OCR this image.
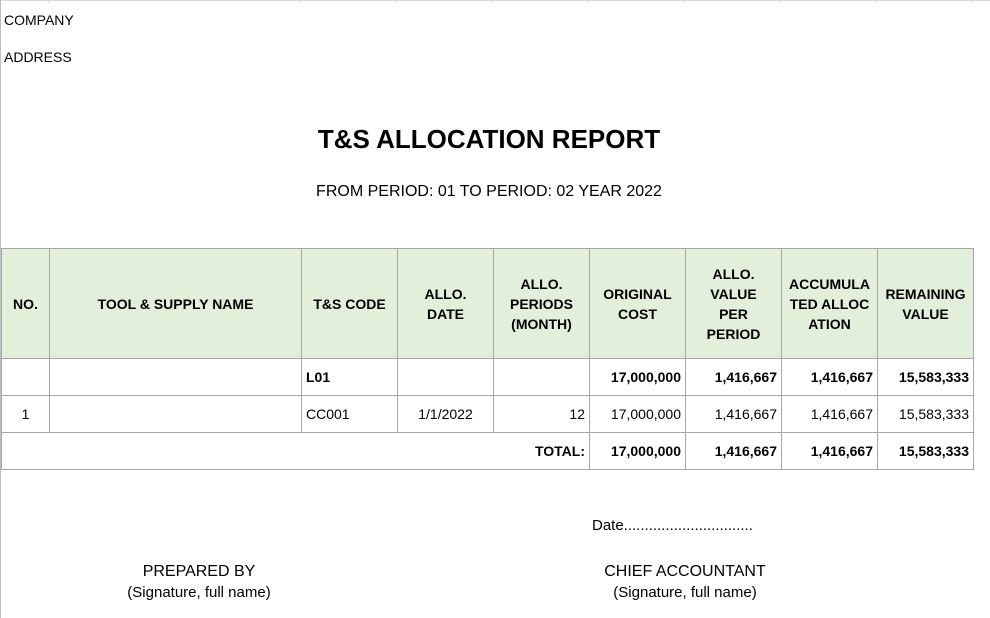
COMPANY
ADDRESS
T&S ALLOCATION REPORT
FROM PERIOD: 01 TO PERIOD: 02 YEAR 2022
NO.	TOOL & SUPPLY NAME	T&S CODE	ALLO. DATE	ALLO. PERIODS (MONTH)	ORIGINAL COST	ALLO. VALUE PER PERIOD	ACCUMULATED ALLOCATION	REMAINING VALUE
		L01			17,000,000	1,416,667	1,416,667	15,583,333
1		CC001	1/1/2022	12	17,000,000	1,416,667	1,416,667	15,583,333
TOTAL:					17,000,000	1,416,667	1,416,667	15,583,333
Date...............................
PREPARED BY
(Signature, full name)
CHIEF ACCOUNTANT
(Signature, full name)
